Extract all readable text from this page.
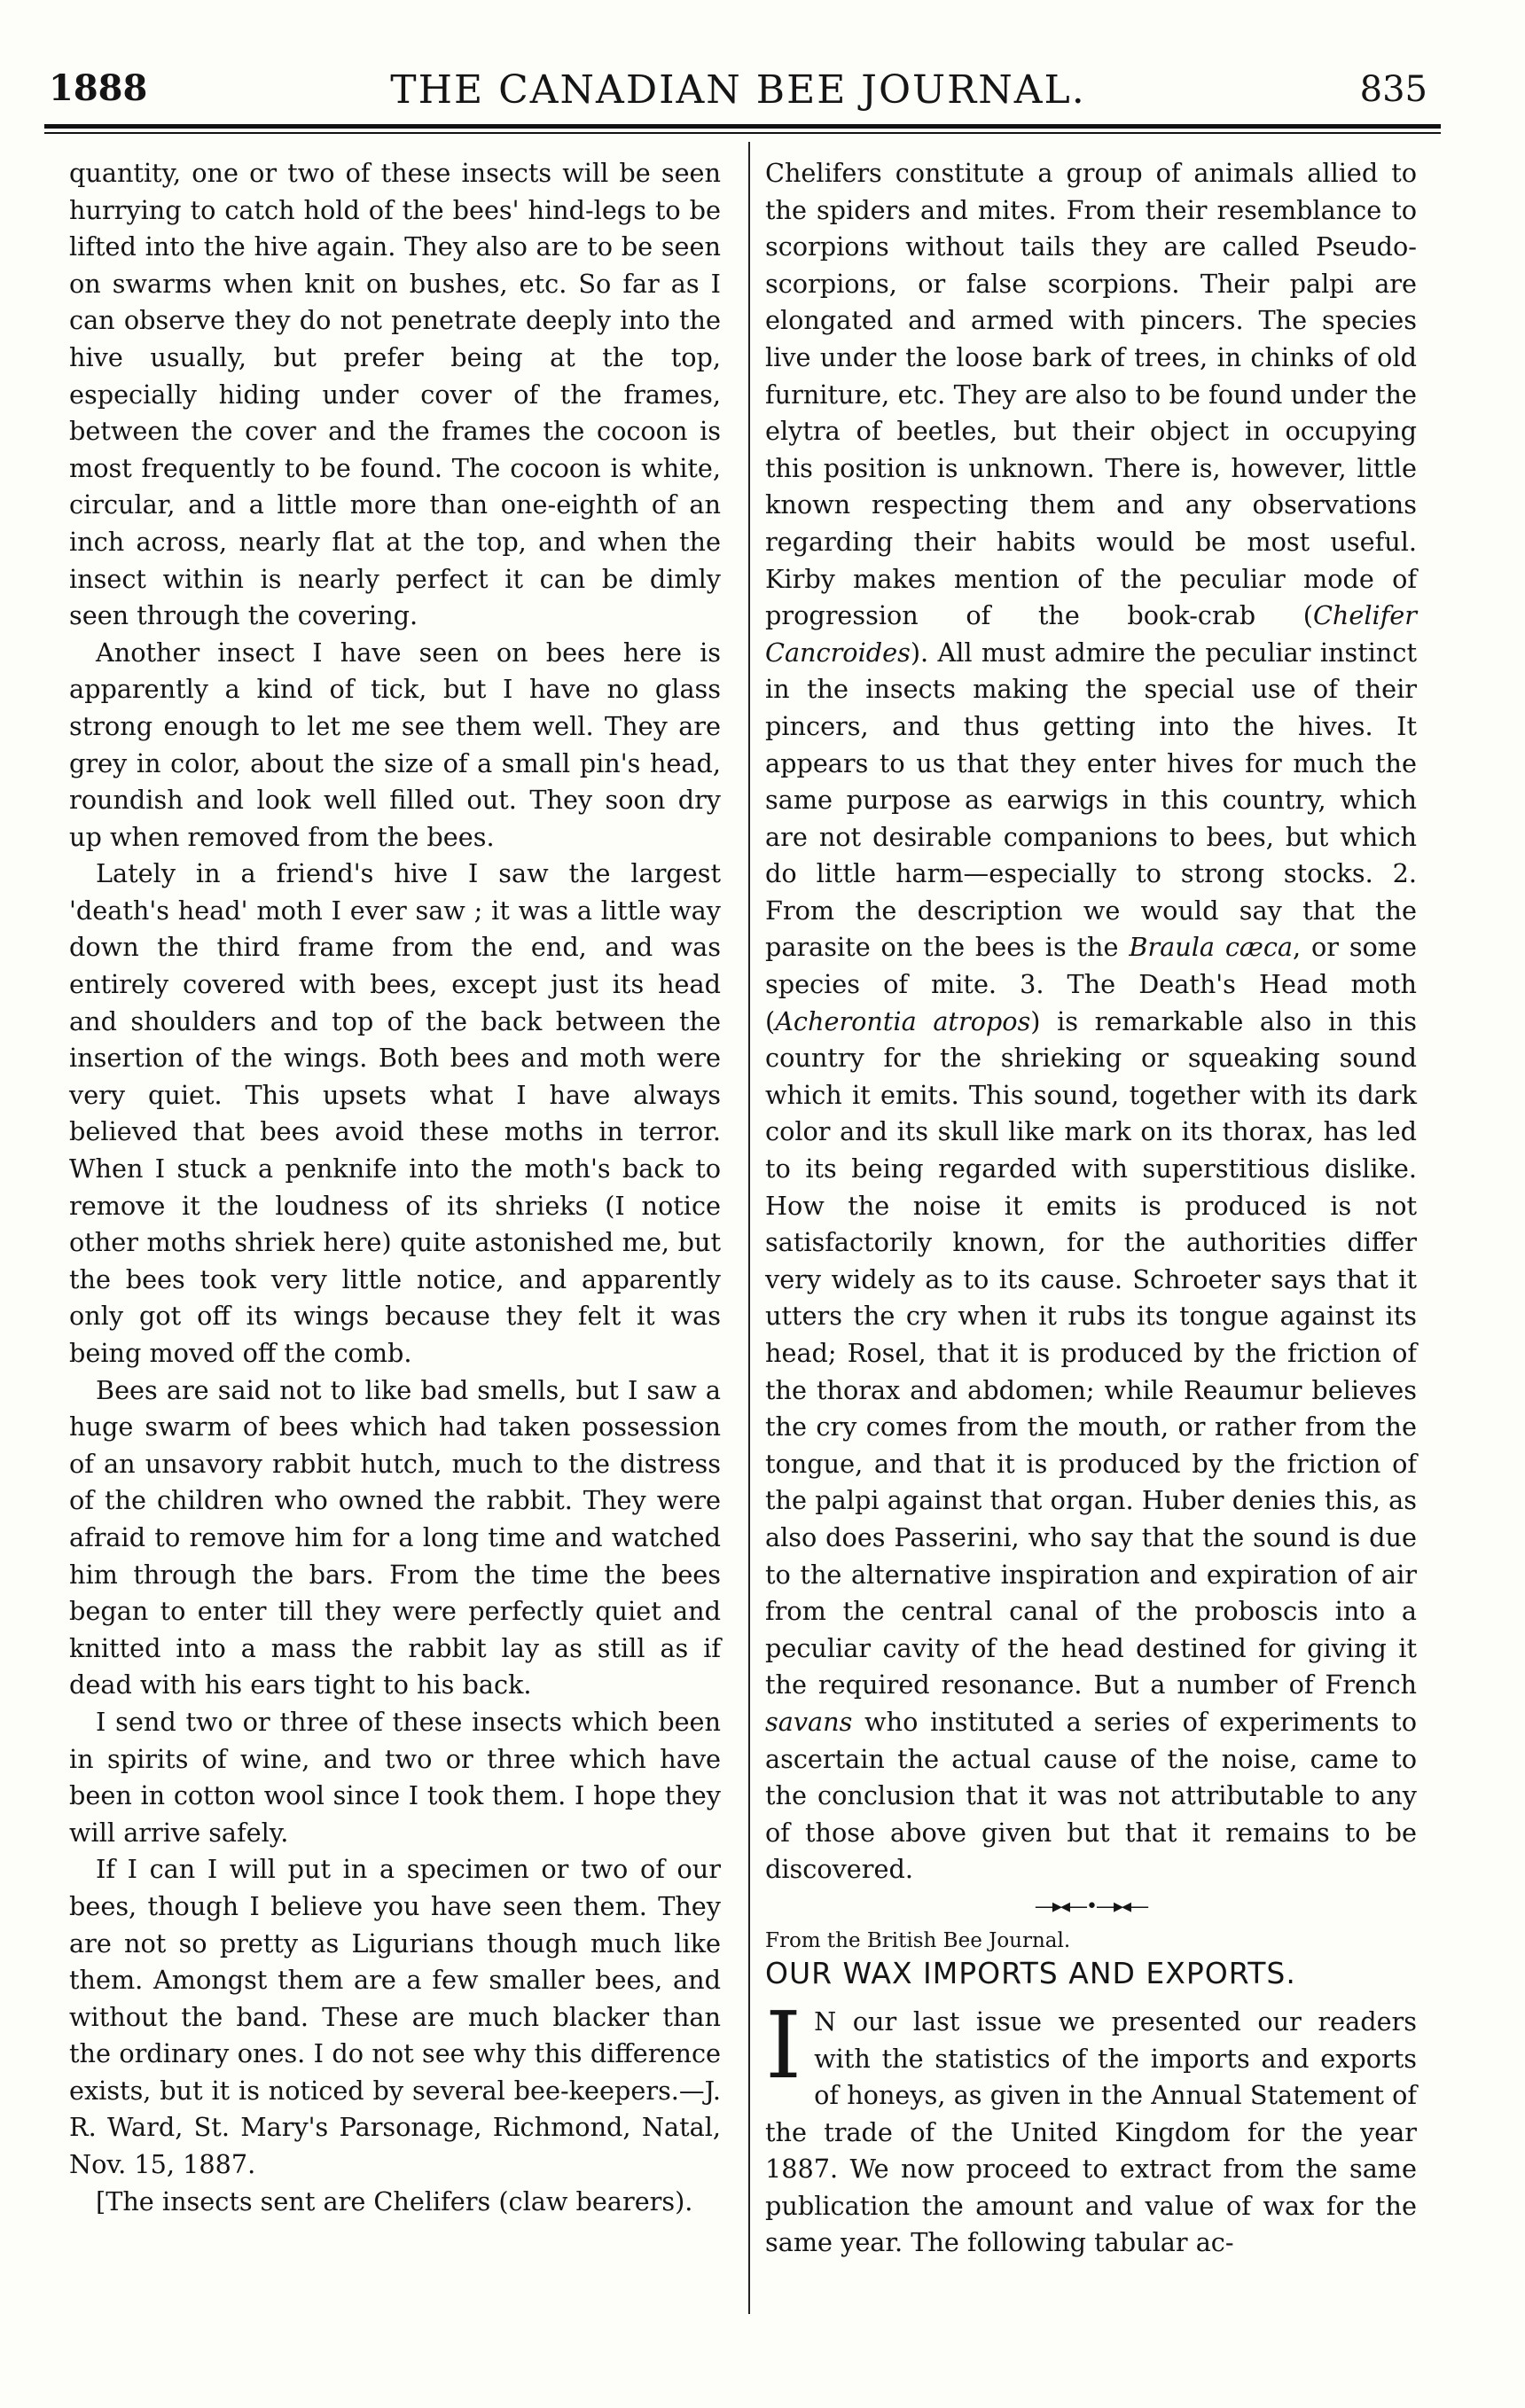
1888	THE CANADIAN BEE JOURNAL.	835

quantity, one or two of these insects will be seen hurrying to catch hold of the bees' hind-legs to be lifted into the hive again. They also are to be seen on swarms when knit on bushes, etc. So far as I can observe they do not penetrate deeply into the hive usually, but prefer being at the top, especially hiding under cover of the frames, between the cover and the frames the cocoon is most frequently to be found. The cocoon is white, circular, and a little more than one-eighth of an inch across, nearly flat at the top, and when the insect within is nearly perfect it can be dimly seen through the covering.

Another insect I have seen on bees here is apparently a kind of tick, but I have no glass strong enough to let me see them well. They are grey in color, about the size of a small pin's head, roundish and look well filled out. They soon dry up when removed from the bees.

Lately in a friend's hive I saw the largest 'death's head' moth I ever saw ; it was a little way down the third frame from the end, and was entirely covered with bees, except just its head and shoulders and top of the back between the insertion of the wings. Both bees and moth were very quiet. This upsets what I have always believed that bees avoid these moths in terror. When I stuck a penknife into the moth's back to remove it the loudness of its shrieks (I notice other moths shriek here) quite astonished me, but the bees took very little notice, and apparently only got off its wings because they felt it was being moved off the comb.

Bees are said not to like bad smells, but I saw a huge swarm of bees which had taken possession of an unsavory rabbit hutch, much to the distress of the children who owned the rabbit. They were afraid to remove him for a long time and watched him through the bars. From the time the bees began to enter till they were perfectly quiet and knitted into a mass the rabbit lay as still as if dead with his ears tight to his back.

I send two or three of these insects which been in spirits of wine, and two or three which have been in cotton wool since I took them. I hope they will arrive safely.

If I can I will put in a specimen or two of our bees, though I believe you have seen them. They are not so pretty as Ligurians though much like them. Amongst them are a few smaller bees, and without the band. These are much blacker than the ordinary ones. I do not see why this difference exists, but it is noticed by several bee-keepers.—J. R. Ward, St. Mary's Parsonage, Richmond, Natal, Nov. 15, 1887.

[The insects sent are Chelifers (claw bearers).

Chelifers constitute a group of animals allied to the spiders and mites. From their resemblance to scorpions without tails they are called Pseudo-scorpions, or false scorpions. Their palpi are elongated and armed with pincers. The species live under the loose bark of trees, in chinks of old furniture, etc. They are also to be found under the elytra of beetles, but their object in occupying this position is unknown. There is, however, little known respecting them and any observations regarding their habits would be most useful. Kirby makes mention of the peculiar mode of progression of the book-crab (Chelifer Cancroides). All must admire the peculiar instinct in the insects making the special use of their pincers, and thus getting into the hives. It appears to us that they enter hives for much the same purpose as earwigs in this country, which are not desirable companions to bees, but which do little harm—especially to strong stocks. 2. From the description we would say that the parasite on the bees is the Braula cæca, or some species of mite. 3. The Death's Head moth (Acherontia atropos) is remarkable also in this country for the shrieking or squeaking sound which it emits. This sound, together with its dark color and its skull like mark on its thorax, has led to its being regarded with superstitious dislike. How the noise it emits is produced is not satisfactorily known, for the authorities differ very widely as to its cause. Schroeter says that it utters the cry when it rubs its tongue against its head; Rosel, that it is produced by the friction of the thorax and abdomen; while Reaumur believes the cry comes from the mouth, or rather from the tongue, and that it is produced by the friction of the palpi against that organ. Huber denies this, as also does Passerini, who say that the sound is due to the alternative inspiration and expiration of air from the central canal of the proboscis into a peculiar cavity of the head destined for giving it the required resonance. But a number of French savans who instituted a series of experiments to ascertain the actual cause of the noise, came to the conclusion that it was not attributable to any of those above given but that it remains to be discovered.

—▸◂—•—▸◂—

From the British Bee Journal.

OUR WAX IMPORTS AND EXPORTS.

I N our last issue we presented our readers with the statistics of the imports and exports of honeys, as given in the Annual Statement of the trade of the United Kingdom for the year 1887. We now proceed to extract from the same publication the amount and value of wax for the same year. The following tabular ac-
